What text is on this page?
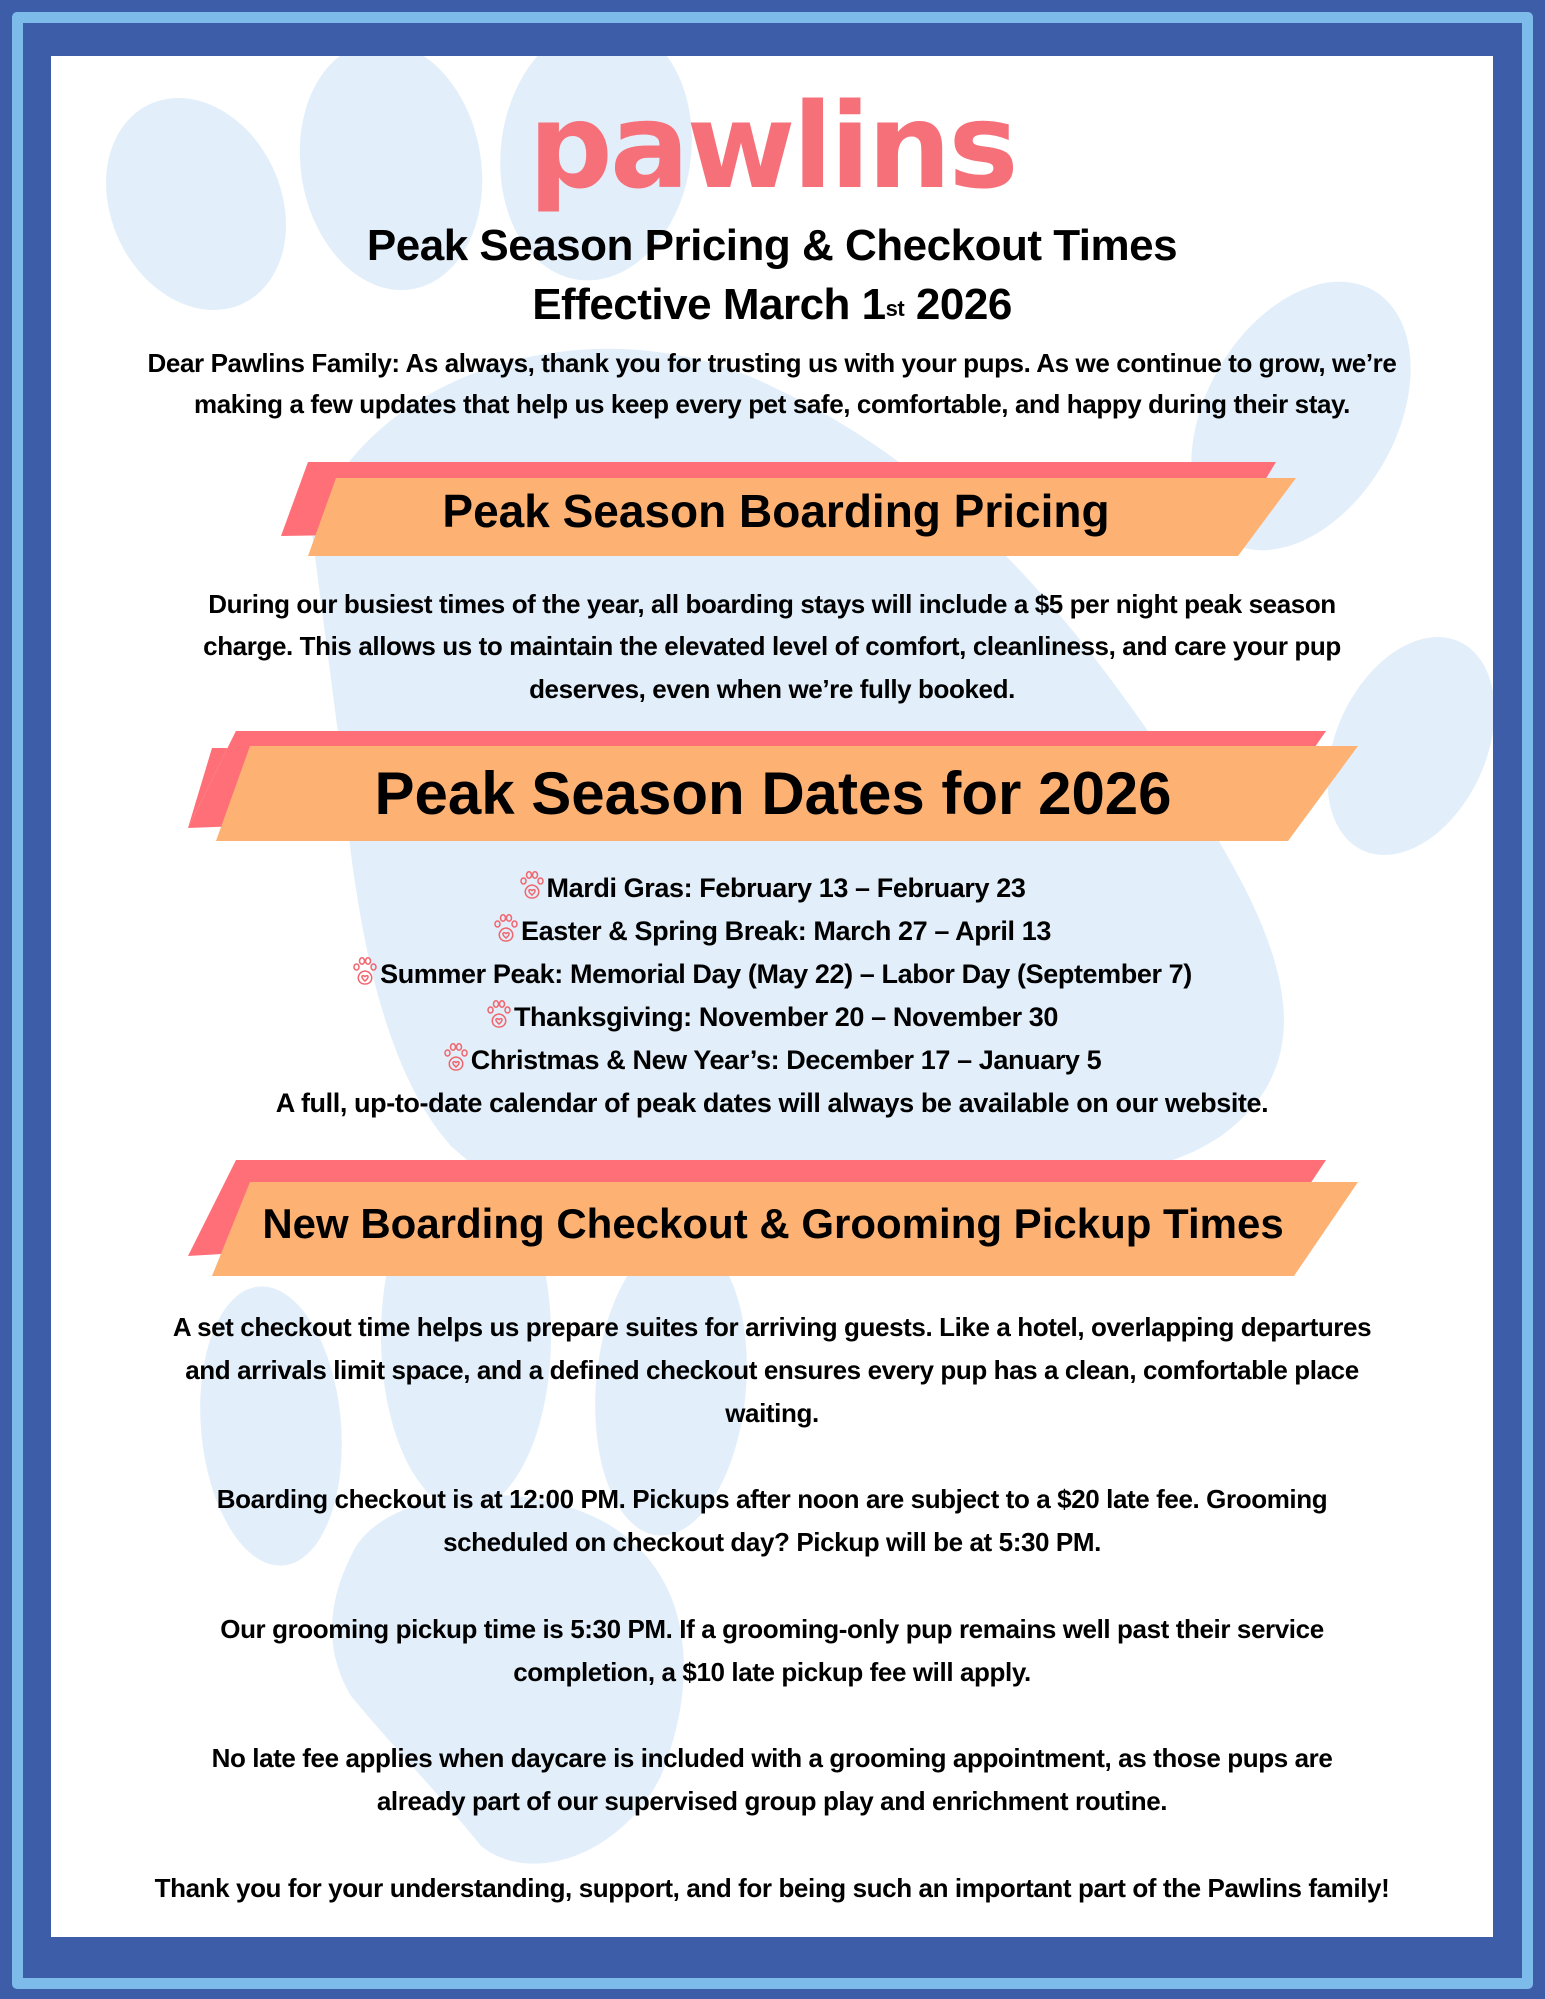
pawlins
Peak Season Pricing & Checkout Times
Effective March 1st 2026
Dear Pawlins Family: As always, thank you for trusting us with your pups. As we continue to grow, we’re
making a few updates that help us keep every pet safe, comfortable, and happy during their stay.
Peak Season Boarding Pricing
During our busiest times of the year, all boarding stays will include a $5 per night peak season
charge. This allows us to maintain the elevated level of comfort, cleanliness, and care your pup
deserves, even when we’re fully booked.
Peak Season Dates for 2026
Mardi Gras: February 13 – February 23
Easter & Spring Break: March 27 – April 13
Summer Peak: Memorial Day (May 22) – Labor Day (September 7)
Thanksgiving: November 20 – November 30
Christmas & New Year’s: December 17 – January 5
A full, up-to-date calendar of peak dates will always be available on our website.
New Boarding Checkout & Grooming Pickup Times
A set checkout time helps us prepare suites for arriving guests. Like a hotel, overlapping departures
and arrivals limit space, and a defined checkout ensures every pup has a clean, comfortable place
waiting.
Boarding checkout is at 12:00 PM. Pickups after noon are subject to a $20 late fee. Grooming
scheduled on checkout day? Pickup will be at 5:30 PM.
Our grooming pickup time is 5:30 PM. If a grooming-only pup remains well past their service
completion, a $10 late pickup fee will apply.
No late fee applies when daycare is included with a grooming appointment, as those pups are
already part of our supervised group play and enrichment routine.
Thank you for your understanding, support, and for being such an important part of the Pawlins family!
